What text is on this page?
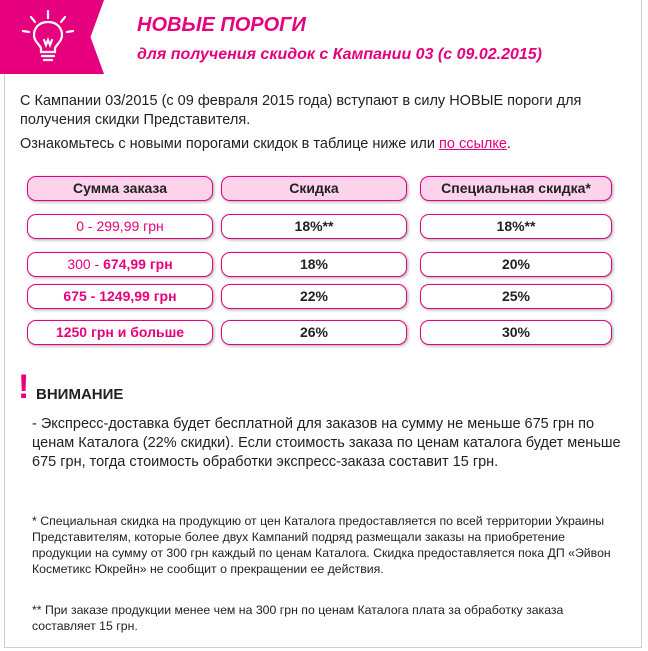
НОВЫЕ ПОРОГИ
для получения скидок с Кампании 03 (с 09.02.2015)

С Кампании 03/2015 (с 09 февраля 2015 года) вступают в силу НОВЫЕ пороги для получения скидки Представителя.

Ознакомьтесь с новыми порогами скидок в таблице ниже или по ссылке.

Сумма заказа	Скидка	Специальная скидка*
0 - 299,99 грн	18%**	18%**
300 - 674,99 грн	18%	20%
675 - 1249,99 грн	22%	25%
1250 грн и больше	26%	30%
! ВНИМАНИЕ

- Экспресс-доставка будет бесплатной для заказов на сумму не меньше 675 грн по ценам Каталога (22% скидки). Если стоимость заказа по ценам каталога будет меньше 675 грн, тогда стоимость обработки экспресс-заказа составит 15 грн.

* Специальная скидка на продукцию от цен Каталога предоставляется по всей территории Украины Представителям, которые более двух Кампаний подряд размещали заказы на приобретение продукции на сумму от 300 грн каждый по ценам Каталога. Скидка предоставляется пока ДП «Эйвон Косметикс Юкрейн» не сообщит о прекращении ее действия.

** При заказе продукции менее чем на 300 грн по ценам Каталога плата за обработку заказа составляет 15 грн.
